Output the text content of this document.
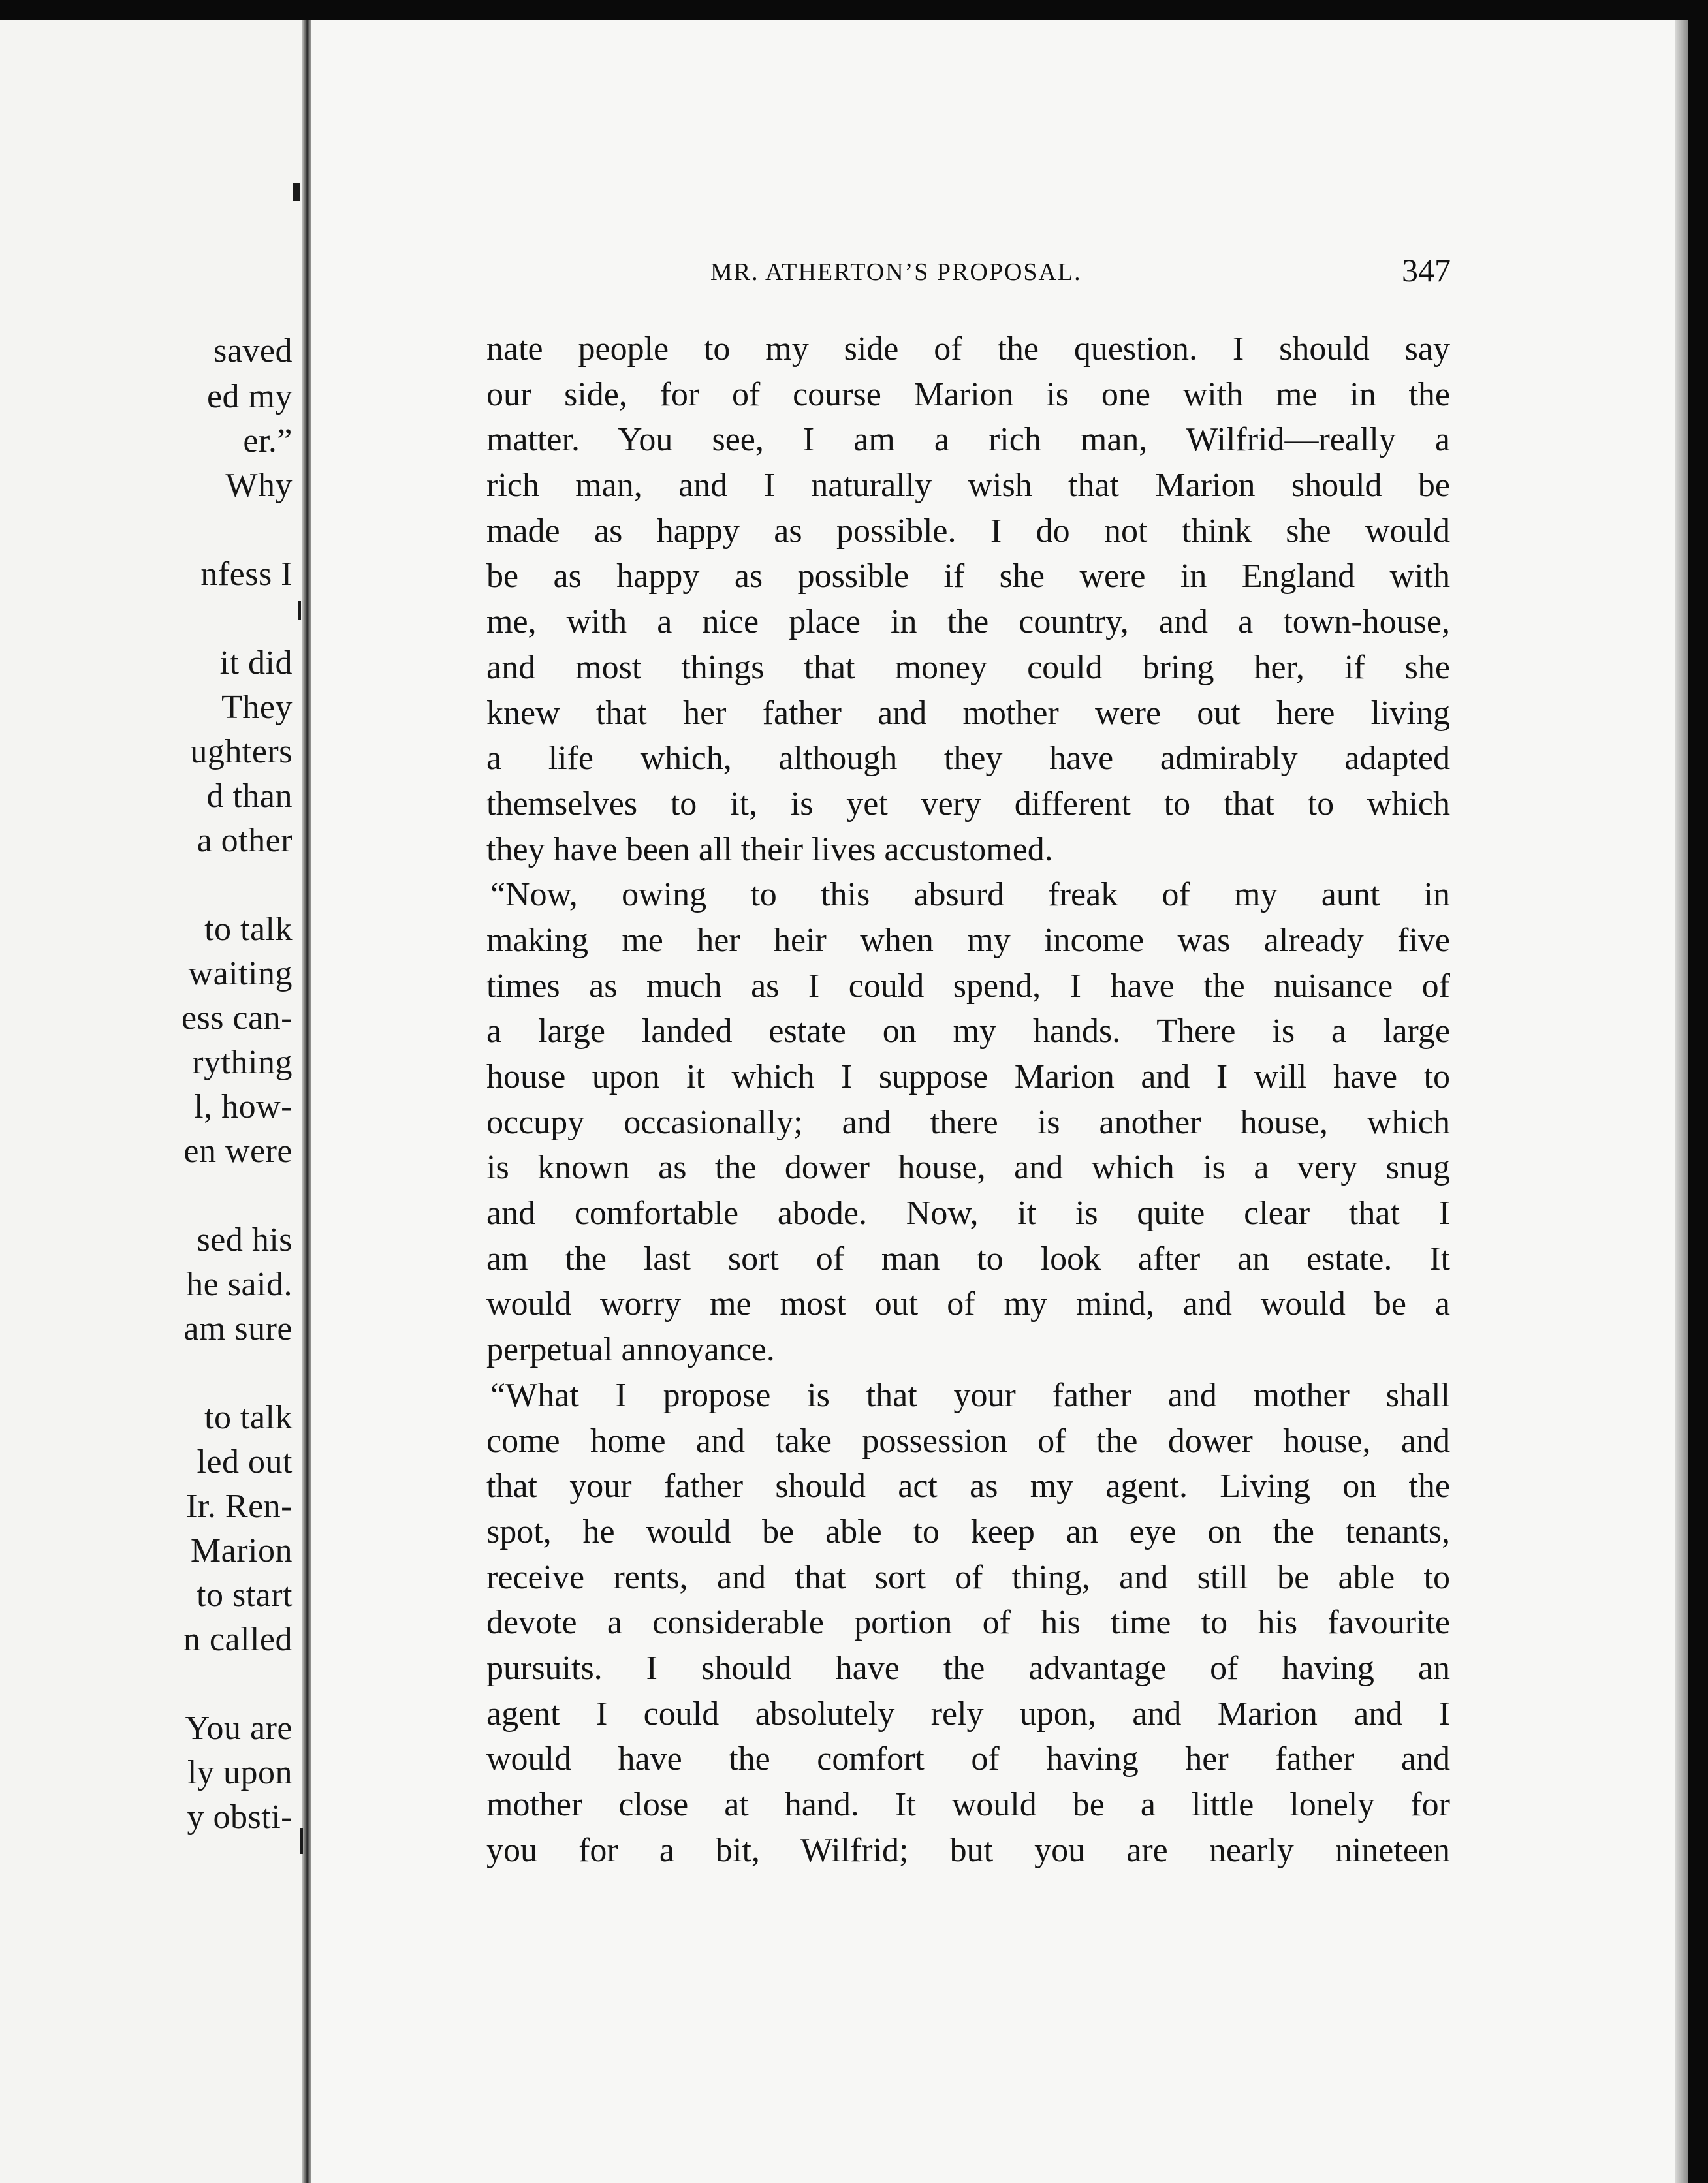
saved
ed my
er.”
Why
nfess I
it did
They
ughters
d than
a other
to talk
waiting
ess can-
rything
l, how-
en were
sed his
he said.
am sure
to talk
led out
Ir. Ren-
Marion
to start
n called
You are
ly upon
y obsti-
MR. ATHERTON’S PROPOSAL.	347
nate people to my side of the question. I should say
our side, for of course Marion is one with me in the
matter. You see, I am a rich man, Wilfrid—really a
rich man, and I naturally wish that Marion should be
made as happy as possible. I do not think she would
be as happy as possible if she were in England with
me, with a nice place in the country, and a town-house,
and most things that money could bring her, if she
knew that her father and mother were out here living
a life which, although they have admirably adapted
themselves to it, is yet very different to that to which
they have been all their lives accustomed.
“Now, owing to this absurd freak of my aunt in
making me her heir when my income was already five
times as much as I could spend, I have the nuisance of
a large landed estate on my hands. There is a large
house upon it which I suppose Marion and I will have to
occupy occasionally; and there is another house, which
is known as the dower house, and which is a very snug
and comfortable abode. Now, it is quite clear that I
am the last sort of man to look after an estate. It
would worry me most out of my mind, and would be a
perpetual annoyance.
“What I propose is that your father and mother shall
come home and take possession of the dower house, and
that your father should act as my agent. Living on the
spot, he would be able to keep an eye on the tenants,
receive rents, and that sort of thing, and still be able to
devote a considerable portion of his time to his favourite
pursuits. I should have the advantage of having an
agent I could absolutely rely upon, and Marion and I
would have the comfort of having her father and
mother close at hand. It would be a little lonely for
you for a bit, Wilfrid; but you are nearly nineteen
